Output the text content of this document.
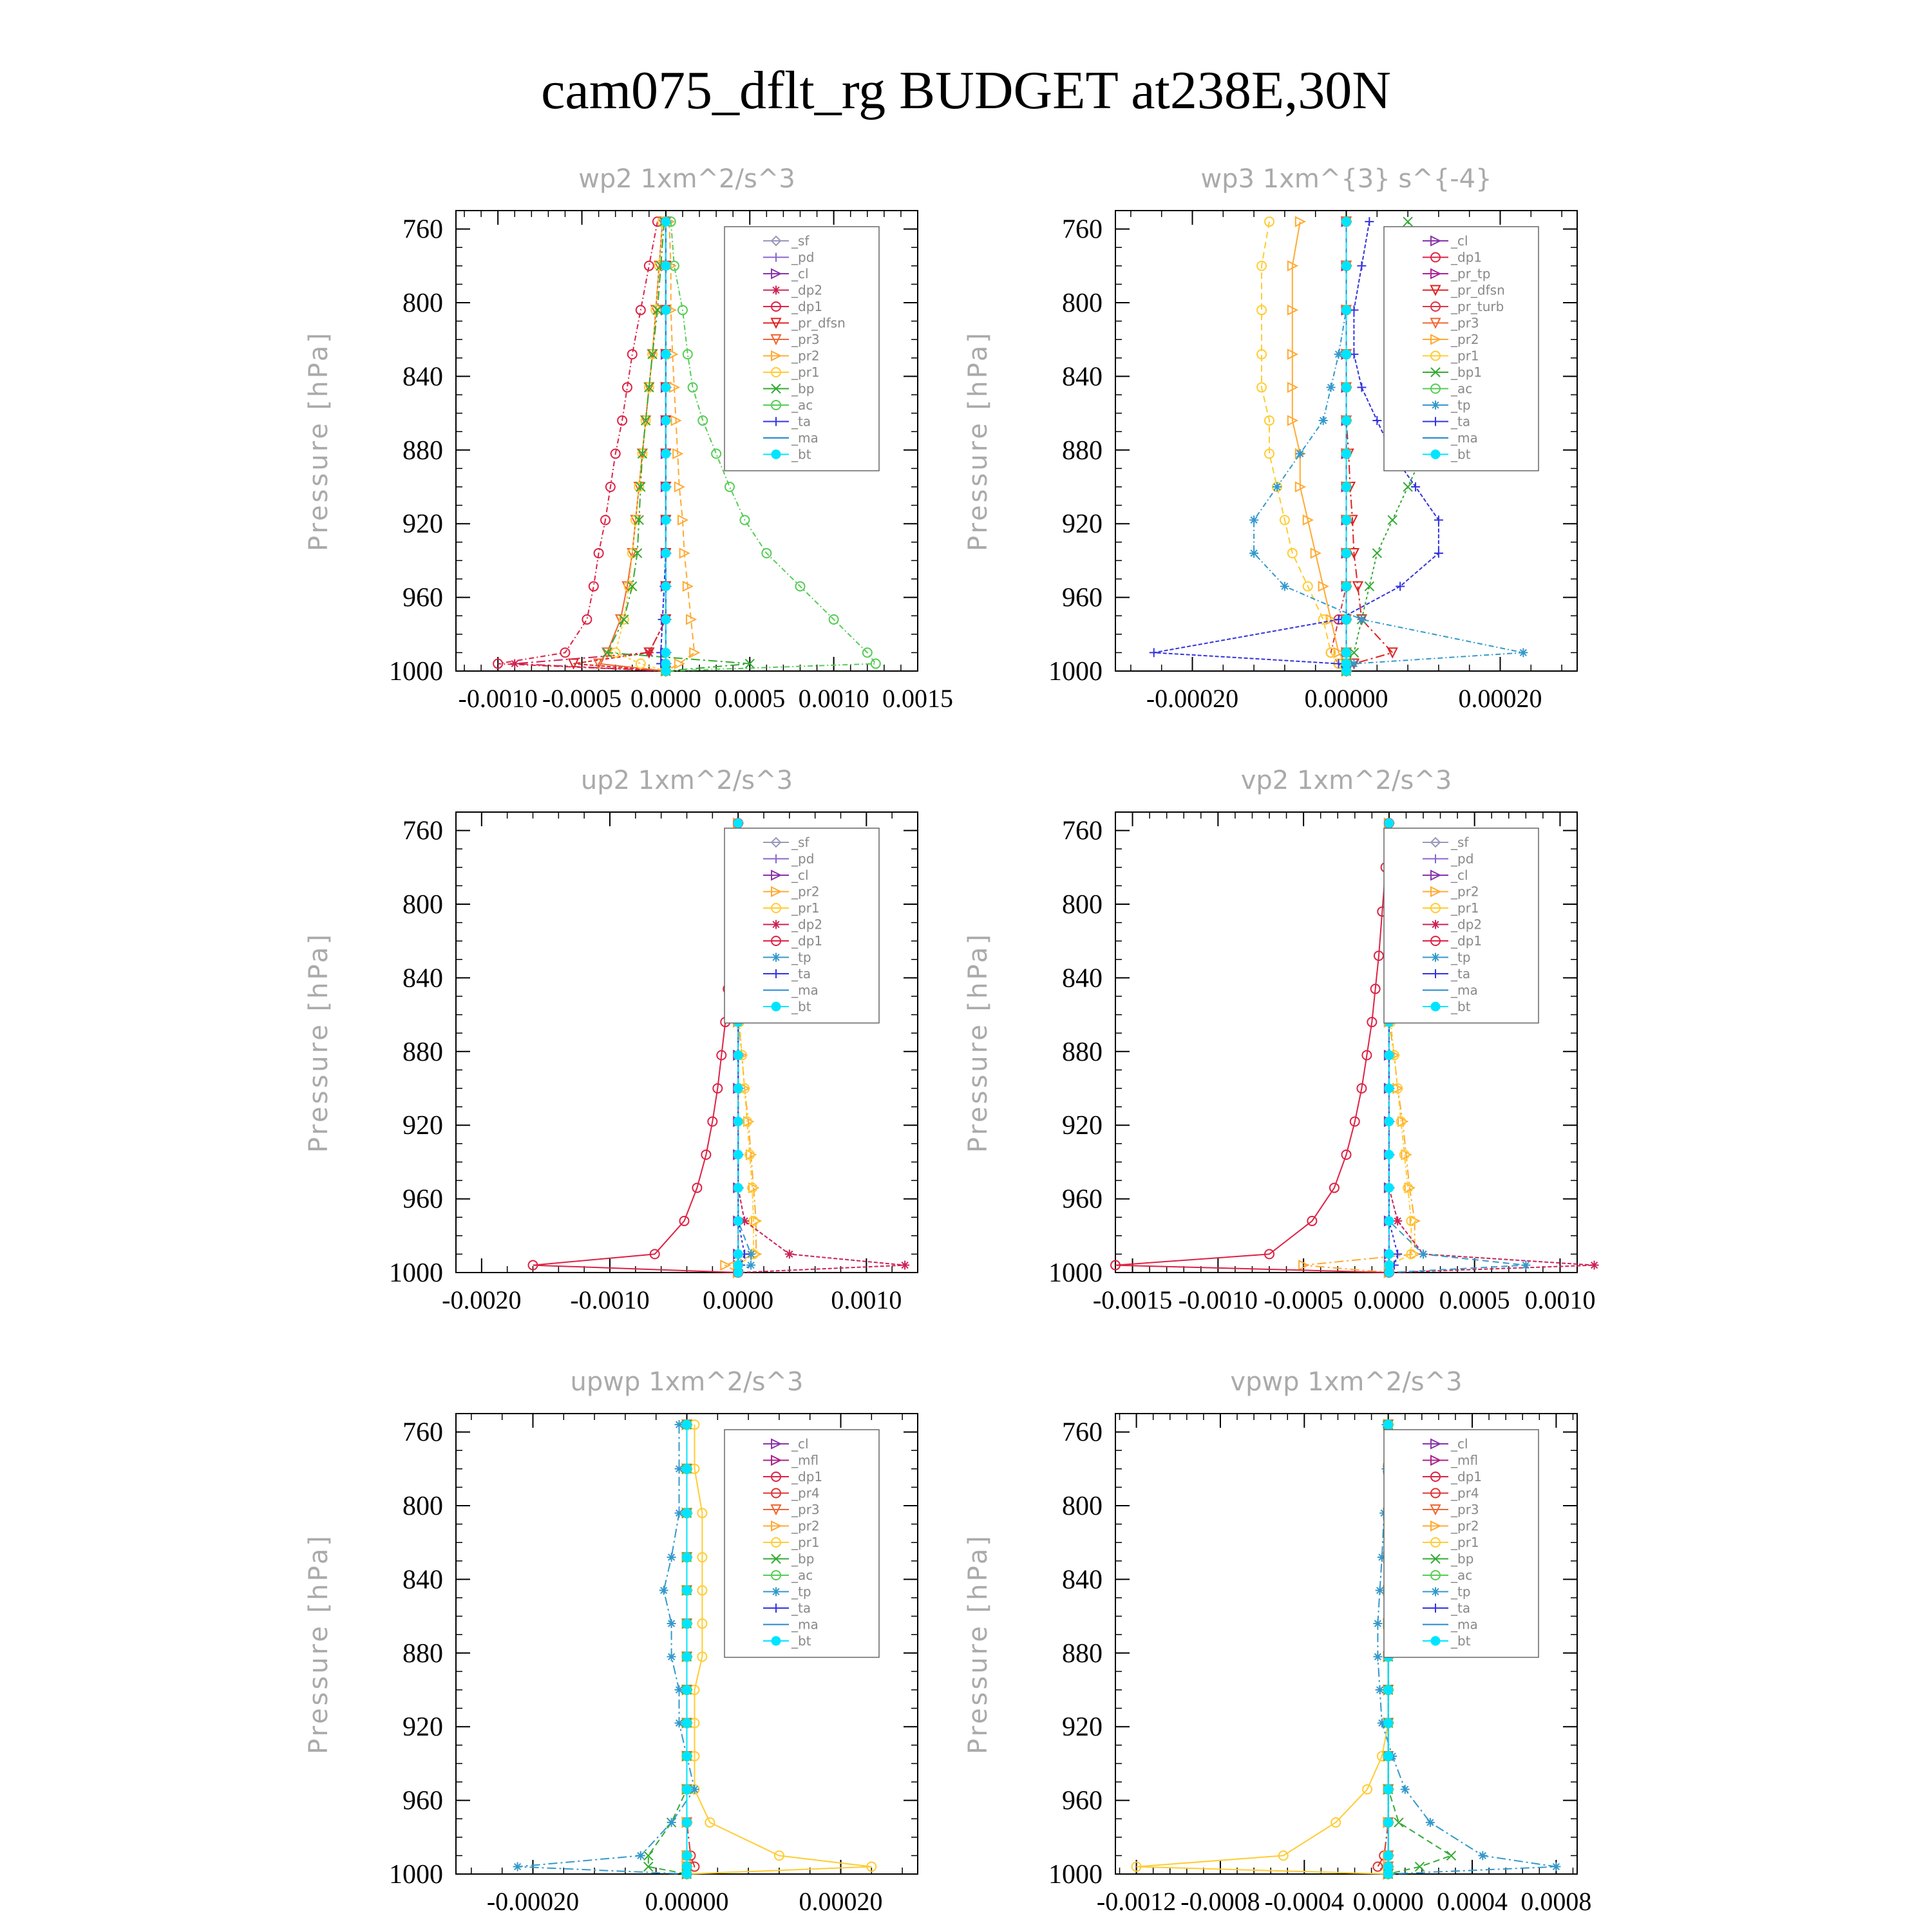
cam075_dflt_rg BUDGET at238E,30N
wp2 1xm^2/s^3
Pressure [hPa]
760
800
840
880
920
960
1000
-0.0010 -0.0005 0.0000 0.0005 0.0010 0.0015
_sf
_pd
_cl
_dp2
_dp1
_pr_dfsn
_pr3
_pr2
_pr1
_bp
_ac
_ta
_ma
_bt
wp3 1xm^{3} s^{-4}
Pressure [hPa]
760
800
840
880
920
960
1000
-0.00020	0.00000	0.00020
_cl
_dp1
_pr_tp
_pr_dfsn
_pr_turb
_pr3
_pr2
_pr1
_bp1
_ac
_tp
_ta
_ma
_bt
up2 1xm^2/s^3
Pressure [hPa]
760
800
840
880
920
960
1000
-0.0020 -0.0010 0.0000 0.0010
_sf
_pd
_cl
_pr2
_pr1
_dp2
_dp1
_tp
_ta
_ma
_bt
vp2 1xm^2/s^3
Pressure [hPa]
760
800
840
880
920
960
1000
-0.0015 -0.0010 -0.0005 0.0000 0.0005 0.0010
_sf
_pd
_cl
_pr2
_pr1
_dp2
_dp1
_tp
_ta
_ma
_bt
upwp 1xm^2/s^3
Pressure [hPa]
760
800
840
880
920
960
1000
-0.00020	0.00000	0.00020
_cl
_mfl
_dp1
_pr4
_pr3
_pr2
_pr1
_bp
_ac
_tp
_ta
_ma
_bt
vpwp 1xm^2/s^3
Pressure [hPa]
760
800
840
880
920
960
1000
-0.0012 -0.0008 -0.0004 0.0000 0.0004 0.0008
_cl
_mfl
_dp1
_pr4
_pr3
_pr2
_pr1
_bp
_ac
_tp
_ta
_ma
_bt
